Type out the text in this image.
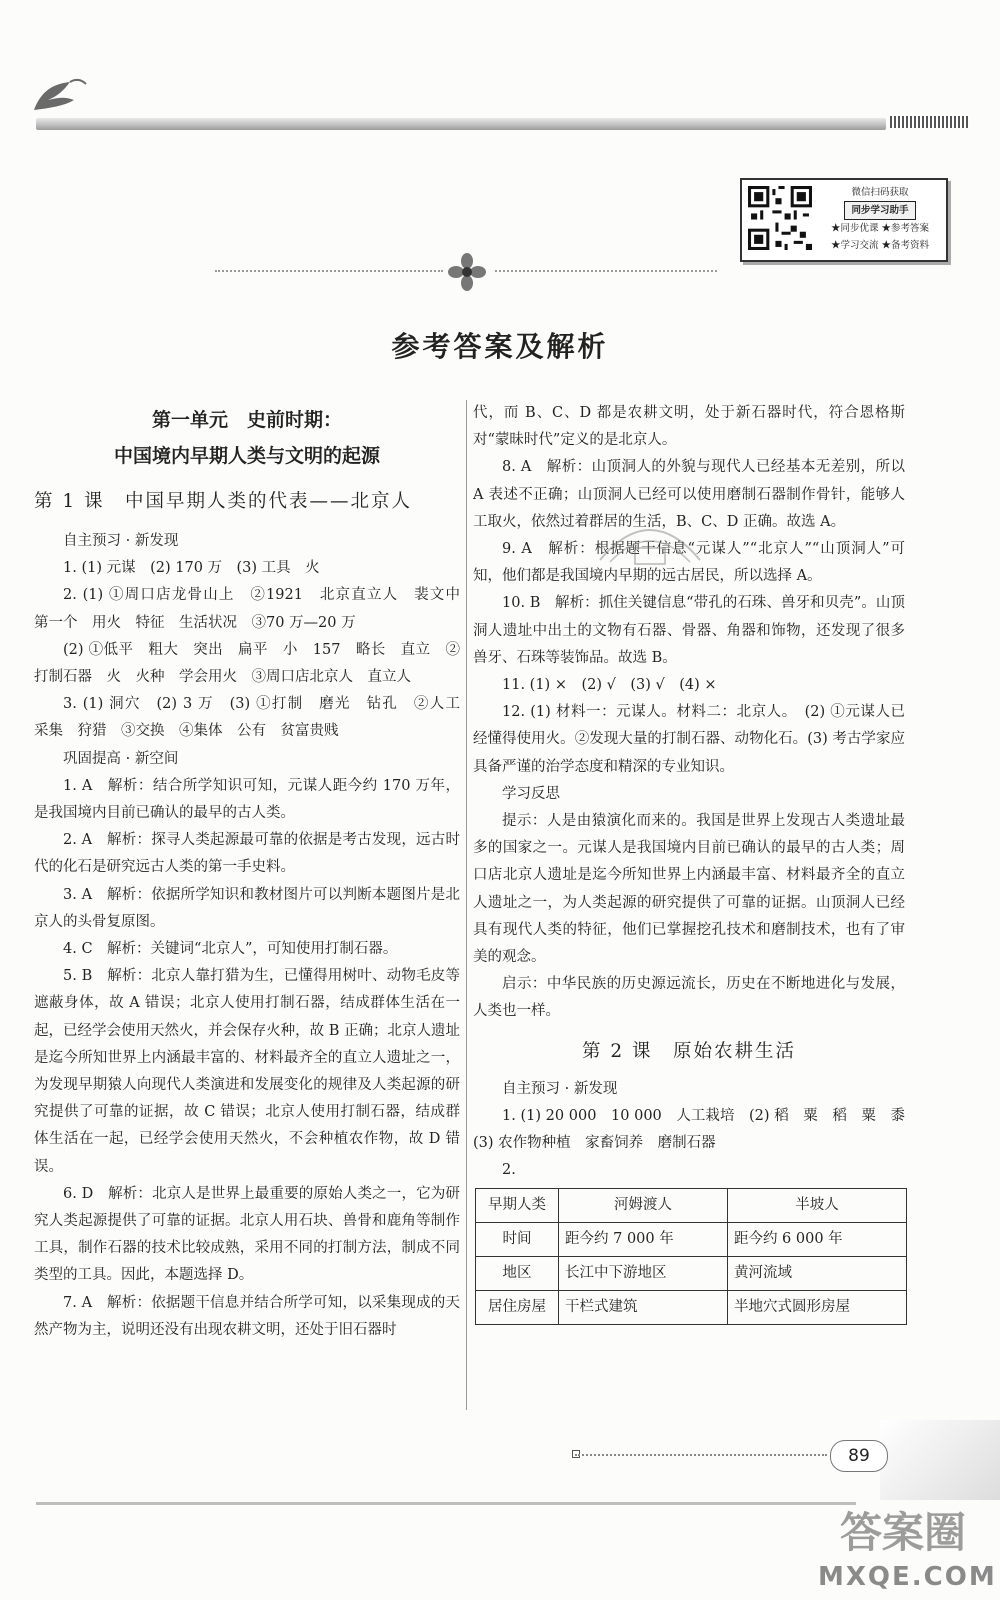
微信扫码获取
同步学习助手
★同步优课 ★参考答案
★学习交流 ★备考资料
参考答案及解析
第一单元　史前时期：
中国境内早期人类与文明的起源
第 1 课　中国早期人类的代表——北京人

自主预习 · 新发现

1. (1) 元谋　(2) 170 万　(3) 工具　火

2. (1) ①周口店龙骨山上　②1921　北京直立人　裴文中　第一个　用火　特征　生活状况　③70 万—20 万

(2) ①低平　粗大　突出　扁平　小　157　略长　直立　②打制石器　火　火种　学会用火　③周口店北京人　直立人

3. (1) 洞穴　(2) 3 万　(3) ①打制　磨光　钻孔　②人工　采集　狩猎　③交换　④集体　公有　贫富贵贱

巩固提高 · 新空间

1. A　解析：结合所学知识可知，元谋人距今约 170 万年，是我国境内目前已确认的最早的古人类。

2. A　解析：探寻人类起源最可靠的依据是考古发现，远古时代的化石是研究远古人类的第一手史料。

3. A　解析：依据所学知识和教材图片可以判断本题图片是北京人的头骨复原图。

4. C　解析：关键词“北京人”，可知使用打制石器。

5. B　解析：北京人靠打猎为生，已懂得用树叶、动物毛皮等遮蔽身体，故 A 错误；北京人使用打制石器，结成群体生活在一起，已经学会使用天然火，并会保存火种，故 B 正确；北京人遗址是迄今所知世界上内涵最丰富的、材料最齐全的直立人遗址之一，为发现早期猿人向现代人类演进和发展变化的规律及人类起源的研究提供了可靠的证据，故 C 错误；北京人使用打制石器，结成群体生活在一起，已经学会使用天然火，不会种植农作物，故 D 错误。

6. D　解析：北京人是世界上最重要的原始人类之一，它为研究人类起源提供了可靠的证据。北京人用石块、兽骨和鹿角等制作工具，制作石器的技术比较成熟，采用不同的打制方法，制成不同类型的工具。因此，本题选择 D。

7. A　解析：依据题干信息并结合所学可知，以采集现成的天然产物为主，说明还没有出现农耕文明，还处于旧石器时

代，而 B、C、D 都是农耕文明，处于新石器时代，符合恩格斯对“蒙昧时代”定义的是北京人。

8. A　解析：山顶洞人的外貌与现代人已经基本无差别，所以 A 表述不正确；山顶洞人已经可以使用磨制石器制作骨针，能够人工取火，依然过着群居的生活，B、C、D 正确。故选 A。

9. A　解析：根据题干信息“元谋人”“北京人”“山顶洞人”可知，他们都是我国境内早期的远古居民，所以选择 A。

10. B　解析：抓住关键信息“带孔的石珠、兽牙和贝壳”。山顶洞人遗址中出土的文物有石器、骨器、角器和饰物，还发现了很多兽牙、石珠等装饰品。故选 B。

11. (1) ×　(2) √　(3) √　(4) ×

12. (1) 材料一：元谋人。材料二：北京人。　(2) ①元谋人已经懂得使用火。②发现大量的打制石器、动物化石。(3) 考古学家应具备严谨的治学态度和精深的专业知识。

学习反思

提示：人是由猿演化而来的。我国是世界上发现古人类遗址最多的国家之一。元谋人是我国境内目前已确认的最早的古人类；周口店北京人遗址是迄今所知世界上内涵最丰富、材料最齐全的直立人遗址之一，为人类起源的研究提供了可靠的证据。山顶洞人已经具有现代人类的特征，他们已掌握挖孔技术和磨制技术，也有了审美的观念。

启示：中华民族的历史源远流长，历史在不断地进化与发展，人类也一样。

第 2 课　原始农耕生活

自主预习 · 新发现

1. (1) 20 000　10 000　人工栽培　(2) 稻　粟　稻　粟　黍　(3) 农作物种植　家畜饲养　磨制石器

2.

早期人类	河姆渡人	半坡人
时间	距今约 7 000 年	距今约 6 000 年
地区	长江中下游地区	黄河流域
居住房屋	干栏式建筑	半地穴式圆形房屋
89
答案圈
MXQE.COM
